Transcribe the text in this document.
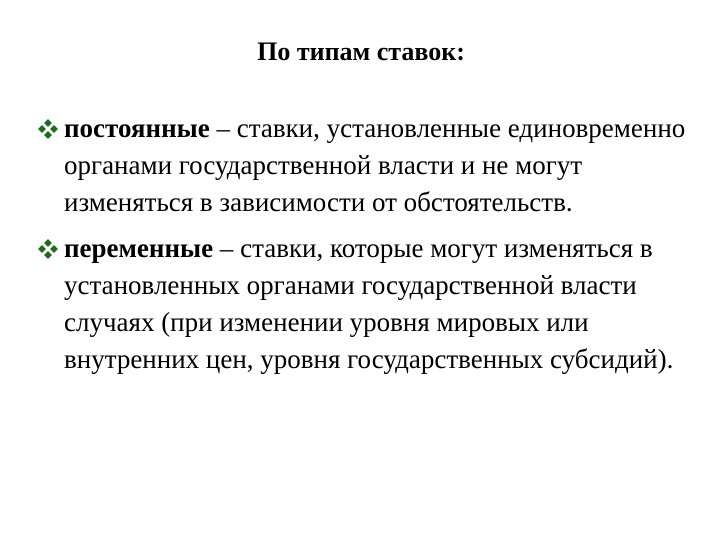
По типам ставок:
постоянные – ставки, установленные единовременно органами государственной власти и не могут изменяться в зависимости от обстоятельств.
переменные – ставки, которые могут изменяться в установленных органами государственной власти случаях (при изменении уровня мировых или внутренних цен, уровня государственных субсидий).
